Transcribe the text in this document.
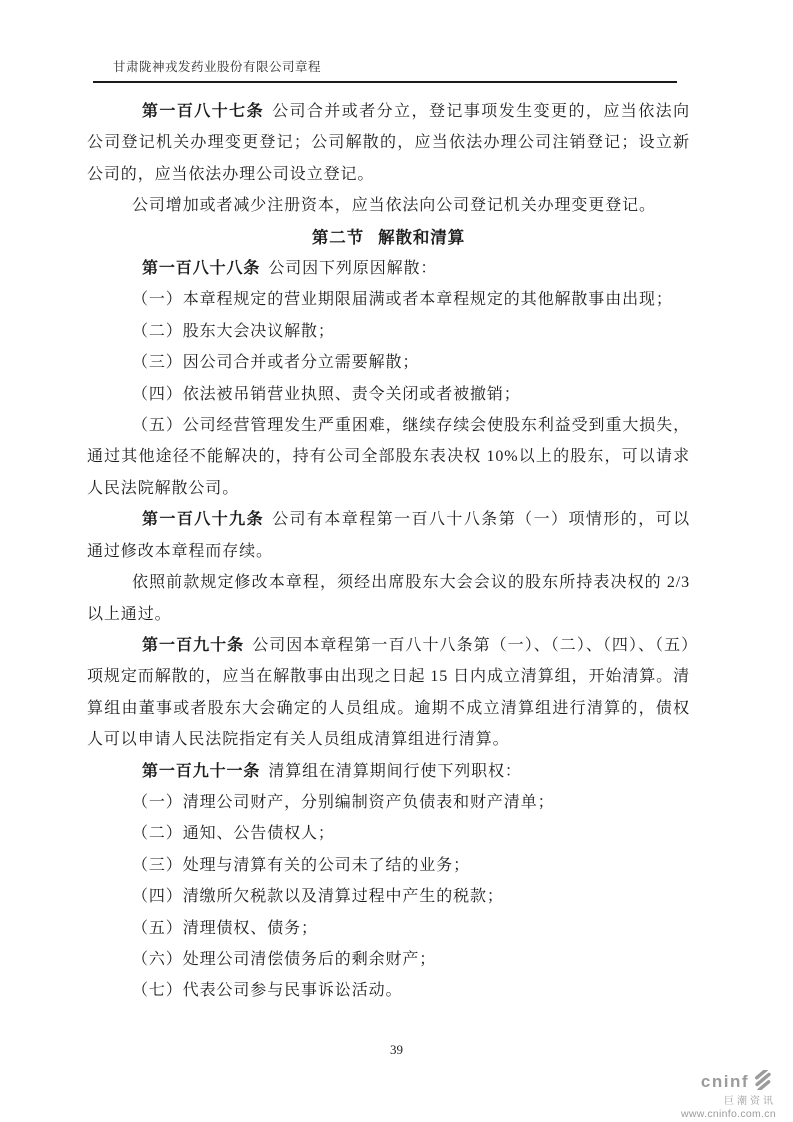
甘肃陇神戎发药业股份有限公司章程

第一百八十七条 公司合并或者分立，登记事项发生变更的，应当依法向公司登记机关办理变更登记；公司解散的，应当依法办理公司注销登记；设立新公司的，应当依法办理公司设立登记。

公司增加或者减少注册资本，应当依法向公司登记机关办理变更登记。

第二节 解散和清算

第一百八十八条 公司因下列原因解散：

（一）本章程规定的营业期限届满或者本章程规定的其他解散事由出现；

（二）股东大会决议解散；

（三）因公司合并或者分立需要解散；

（四）依法被吊销营业执照、责令关闭或者被撤销；

（五）公司经营管理发生严重困难，继续存续会使股东利益受到重大损失，通过其他途径不能解决的，持有公司全部股东表决权 10%以上的股东，可以请求人民法院解散公司。

第一百八十九条 公司有本章程第一百八十八条第（一）项情形的，可以通过修改本章程而存续。

依照前款规定修改本章程，须经出席股东大会会议的股东所持表决权的 2/3 以上通过。

第一百九十条 公司因本章程第一百八十八条第（一）、（二）、（四）、（五）项规定而解散的，应当在解散事由出现之日起 15 日内成立清算组，开始清算。清算组由董事或者股东大会确定的人员组成。逾期不成立清算组进行清算的，债权人可以申请人民法院指定有关人员组成清算组进行清算。

第一百九十一条 清算组在清算期间行使下列职权：

（一）清理公司财产，分别编制资产负债表和财产清单；

（二）通知、公告债权人；

（三）处理与清算有关的公司未了结的业务；

（四）清缴所欠税款以及清算过程中产生的税款；

（五）清理债权、债务；

（六）处理公司清偿债务后的剩余财产；

（七）代表公司参与民事诉讼活动。

39
cninf
巨潮资讯
www.cninfo.com.cn
